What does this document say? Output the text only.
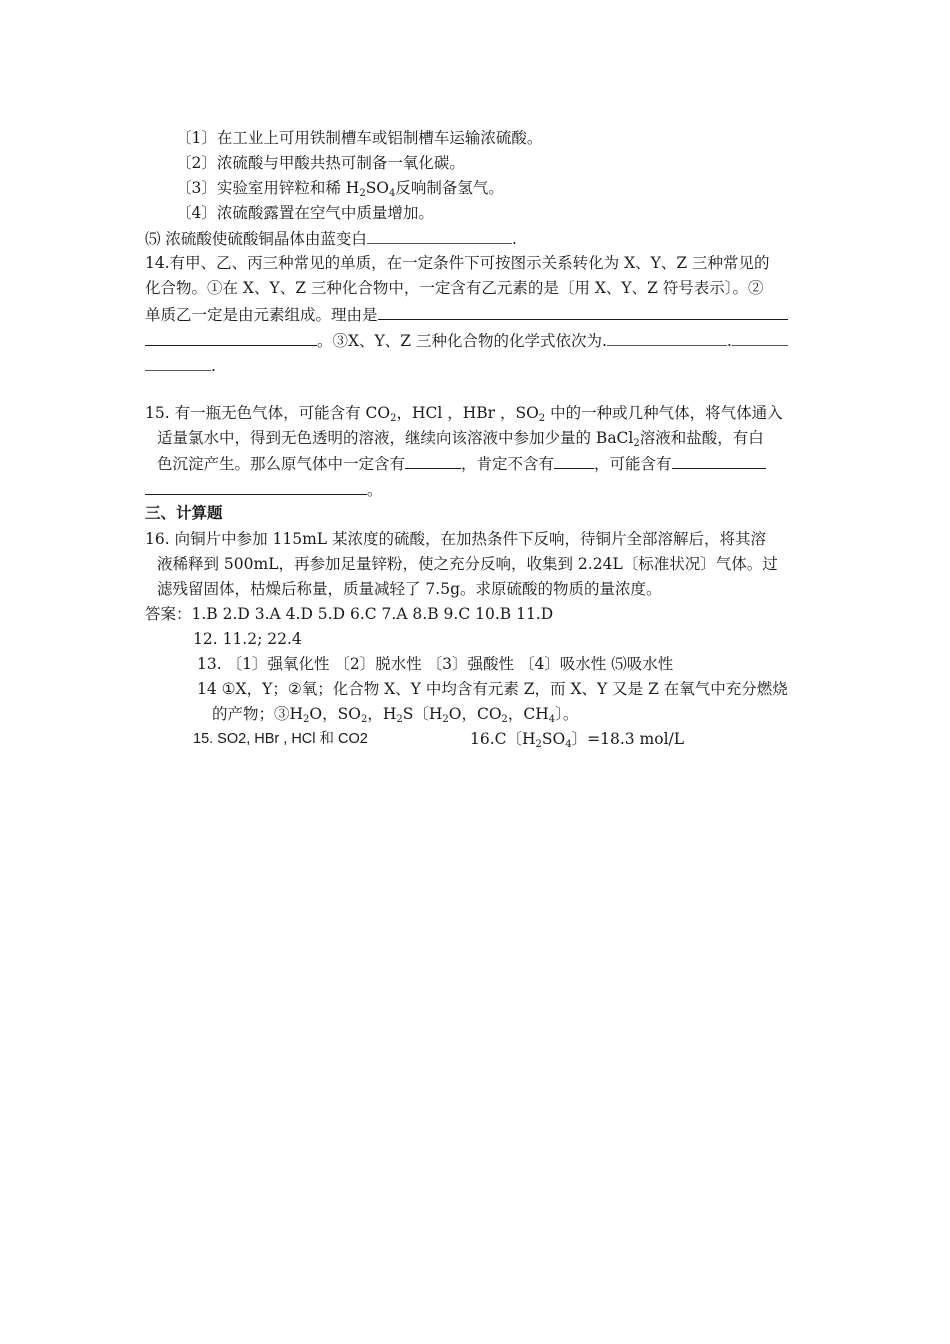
〔1〕在工业上可用铁制槽车或铝制槽车运输浓硫酸。
〔2〕浓硫酸与甲酸共热可制备一氧化碳。
〔3〕实验室用锌粒和稀 $H_2SO_4$反响制备氢气。
〔4〕浓硫酸露置在空气中质量增加。
⑸ 浓硫酸使硫酸铜晶体由蓝变白	.
14.有甲、乙、丙三种常见的单质，在一定条件下可按图示关系转化为 X、Y、Z 三种常见的
化合物。①在 X、Y、Z 三种化合物中，一定含有乙元素的是〔用 X、Y、Z 符号表示〕。②
单质乙一定是由元素组成。理由是
。③X、Y、Z 三种化合物的化学式依次为.	.
.
15. 有一瓶无色气体，可能含有 $CO_2$，HCl ，HBr ，$SO_2$ 中的一种或几种气体，将气体通入
适量氯水中，得到无色透明的溶液，继续向该溶液中参加少量的 BaCl$_2$溶液和盐酸，有白
色沉淀产生。那么原气体中一定含有	，肯定不含有	，可能含有
。
三、计算题
16. 向铜片中参加 115mL 某浓度的硫酸，在加热条件下反响，待铜片全部溶解后，将其溶
液稀释到 500mL，再参加足量锌粉，使之充分反响，收集到 2.24L〔标准状况〕气体。过
滤残留固体，枯燥后称量，质量减轻了 7.5g。求原硫酸的物质的量浓度。
答案：1.B 2.D 3.A 4.D 5.D 6.C 7.A 8.B 9.C 10.B 11.D
12. 11.2; 22.4
13. 〔1〕强氧化性 〔2〕脱水性 〔3〕强酸性 〔4〕吸水性 ⑸吸水性
14 ①X，Y；②氧；化合物 X、Y 中均含有元素 Z，而 X、Y 又是 Z 在氧气中充分燃烧
的产物；$③H_2O$，$SO_2$，$H_2S$〔$H_2O$，$CO_2$，$CH_4$〕。
15. SO2, HBr , HCl 和 CO2	16.C〔$H_2SO_4$〕=18.3 mol/L
